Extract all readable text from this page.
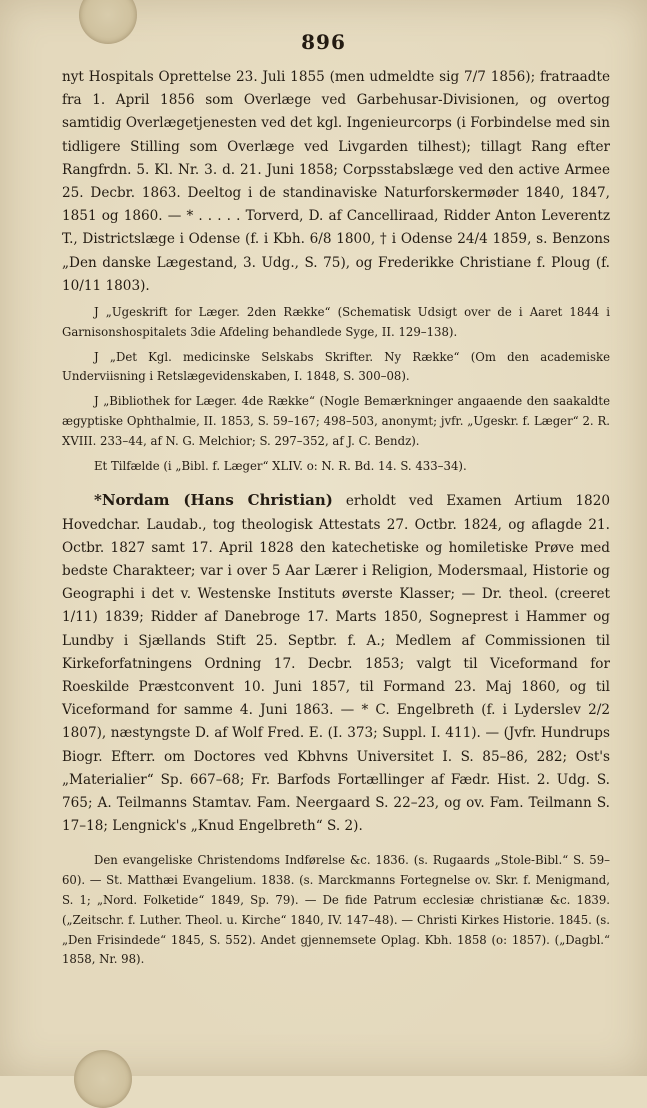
896

nyt Hospitals Oprettelse 23. Juli 1855 (men udmeldte sig 7/7 1856); fratraadte fra 1. April 1856 som Overlæge ved Garbehusar-Divisionen, og overtog samtidig Overlægetjenesten ved det kgl. Ingenieurcorps (i Forbindelse med sin tidligere Stilling som Overlæge ved Livgarden tilhest); tillagt Rang efter Rangfrdn. 5. Kl. Nr. 3. d. 21. Juni 1858; Corpsstabslæge ved den active Armee 25. Decbr. 1863. Deeltog i de standinaviske Naturforskermøder 1840, 1847, 1851 og 1860. — * . . . . . Torverd, D. af Cancelliraad, Ridder Anton Leverentz T., Districtslæge i Odense (f. i Kbh. 6/8 1800, † i Odense 24/4 1859, s. Benzons „Den danske Lægestand, 3. Udg., S. 75), og Frederikke Christiane f. Ploug (f. 10/11 1803).

J „Ugeskrift for Læger. 2den Række“ (Schematisk Udsigt over de i Aaret 1844 i Garnisonshospitalets 3die Afdeling behandlede Syge, II. 129–138).

J „Det Kgl. medicinske Selskabs Skrifter. Ny Række“ (Om den academiske Underviisning i Retslægevidenskaben, I. 1848, S. 300–08).

J „Bibliothek for Læger. 4de Række“ (Nogle Bemærkninger angaaende den saakaldte ægyptiske Ophthalmie, II. 1853, S. 59–167; 498–503, anonymt; jvfr. „Ugeskr. f. Læger“ 2. R. XVIII. 233–44, af N. G. Melchior; S. 297–352, af J. C. Bendz).

Et Tilfælde (i „Bibl. f. Læger“ XLIV. o: N. R. Bd. 14. S. 433–34).

*Nordam (Hans Christian) erholdt ved Examen Artium 1820 Hovedchar. Laudab., tog theologisk Attestats 27. Octbr. 1824, og aflagde 21. Octbr. 1827 samt 17. April 1828 den katechetiske og homiletiske Prøve med bedste Charakteer; var i over 5 Aar Lærer i Religion, Modersmaal, Historie og Geographi i det v. Westenske Instituts øverste Klasser; — Dr. theol. (creeret 1/11) 1839; Ridder af Danebroge 17. Marts 1850, Sogneprest i Hammer og Lundby i Sjællands Stift 25. Septbr. f. A.; Medlem af Commissionen til Kirkeforfatningens Ordning 17. Decbr. 1853; valgt til Viceformand for Roeskilde Præstconvent 10. Juni 1857, til Formand 23. Maj 1860, og til Viceformand for samme 4. Juni 1863. — * C. Engelbreth (f. i Lyderslev 2/2 1807), næstyngste D. af Wolf Fred. E. (I. 373; Suppl. I. 411). — (Jvfr. Hundrups Biogr. Efterr. om Doctores ved Kbhvns Universitet I. S. 85–86, 282; Ost's „Materialier“ Sp. 667–68; Fr. Barfods Fortællinger af Fædr. Hist. 2. Udg. S. 765; A. Teilmanns Stamtav. Fam. Neergaard S. 22–23, og ov. Fam. Teilmann S. 17–18; Lengnick's „Knud Engelbreth“ S. 2).

Den evangeliske Christendoms Indførelse &c. 1836. (s. Rugaards „Stole-Bibl.“ S. 59–60). — St. Matthæi Evangelium. 1838. (s. Marckmanns Fortegnelse ov. Skr. f. Menigmand, S. 1; „Nord. Folketide“ 1849, Sp. 79). — De fide Patrum ecclesiæ christianæ &c. 1839. („Zeitschr. f. Luther. Theol. u. Kirche“ 1840, IV. 147–48). — Christi Kirkes Historie. 1845. (s. „Den Frisindede“ 1845, S. 552). Andet gjennemsete Oplag. Kbh. 1858 (o: 1857). („Dagbl.“ 1858, Nr. 98).
